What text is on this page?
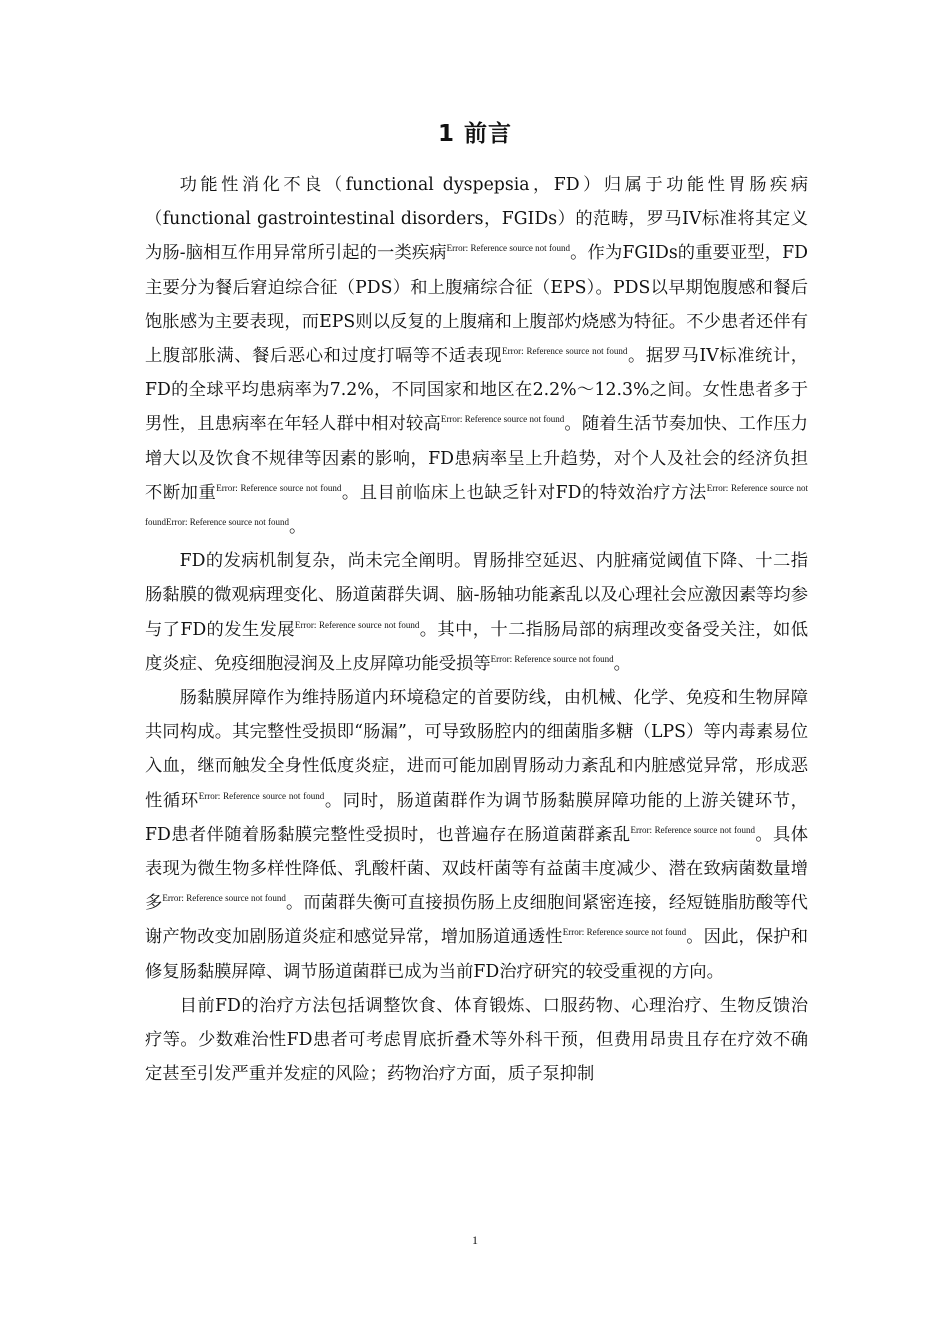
1 前言

功能性消化不良（functional dyspepsia，FD）归属于功能性胃肠疾病（functional gastrointestinal disorders，FGIDs）的范畴，罗马IV标准将其定义为肠-脑相互作用异常所引起的一类疾病$^{Error: Reference source not found}$。作为FGIDs的重要亚型，FD主要分为餐后窘迫综合征（PDS）和上腹痛综合征（EPS）。PDS以早期饱腹感和餐后饱胀感为主要表现，而EPS则以反复的上腹痛和上腹部灼烧感为特征。不少患者还伴有上腹部胀满、餐后恶心和过度打嗝等不适表现$^{Error: Reference source not found}$。据罗马IV标准统计，FD的全球平均患病率为7.2%，不同国家和地区在2.2%～12.3%之间。女性患者多于男性，且患病率在年轻人群中相对较高$^{Error: Reference source not found}$。随着生活节奏加快、工作压力增大以及饮食不规律等因素的影响，FD患病率呈上升趋势，对个人及社会的经济负担不断加重$^{Error: Reference source not found}$。且目前临床上也缺乏针对FD的特效治疗方法$^{Error: Reference source not foundError: Reference source not found}$。

FD的发病机制复杂，尚未完全阐明。胃肠排空延迟、内脏痛觉阈值下降、十二指肠黏膜的微观病理变化、肠道菌群失调、脑-肠轴功能紊乱以及心理社会应激因素等均参与了FD的发生发展$^{Error: Reference source not found}$。其中，十二指肠局部的病理改变备受关注，如低度炎症、免疫细胞浸润及上皮屏障功能受损等$^{Error: Reference source not found}$。

肠黏膜屏障作为维持肠道内环境稳定的首要防线，由机械、化学、免疫和生物屏障共同构成。其完整性受损即“肠漏”，可导致肠腔内的细菌脂多糖（LPS）等内毒素易位入血，继而触发全身性低度炎症，进而可能加剧胃肠动力紊乱和内脏感觉异常，形成恶性循环$^{Error: Reference source not found}$。同时，肠道菌群作为调节肠黏膜屏障功能的上游关键环节，FD患者伴随着肠黏膜完整性受损时，也普遍存在肠道菌群紊乱$^{Error: Reference source not found}$。具体表现为微生物多样性降低、乳酸杆菌、双歧杆菌等有益菌丰度减少、潜在致病菌数量增多$^{Error: Reference source not found}$。而菌群失衡可直接损伤肠上皮细胞间紧密连接，经短链脂肪酸等代谢产物改变加剧肠道炎症和感觉异常，增加肠道通透性$^{Error: Reference source not found}$。因此，保护和修复肠黏膜屏障、调节肠道菌群已成为当前FD治疗研究的较受重视的方向。

目前FD的治疗方法包括调整饮食、体育锻炼、口服药物、心理治疗、生物反馈治疗等。少数难治性FD患者可考虑胃底折叠术等外科干预，但费用昂贵且存在疗效不确定甚至引发严重并发症的风险；药物治疗方面，质子泵抑制

1
